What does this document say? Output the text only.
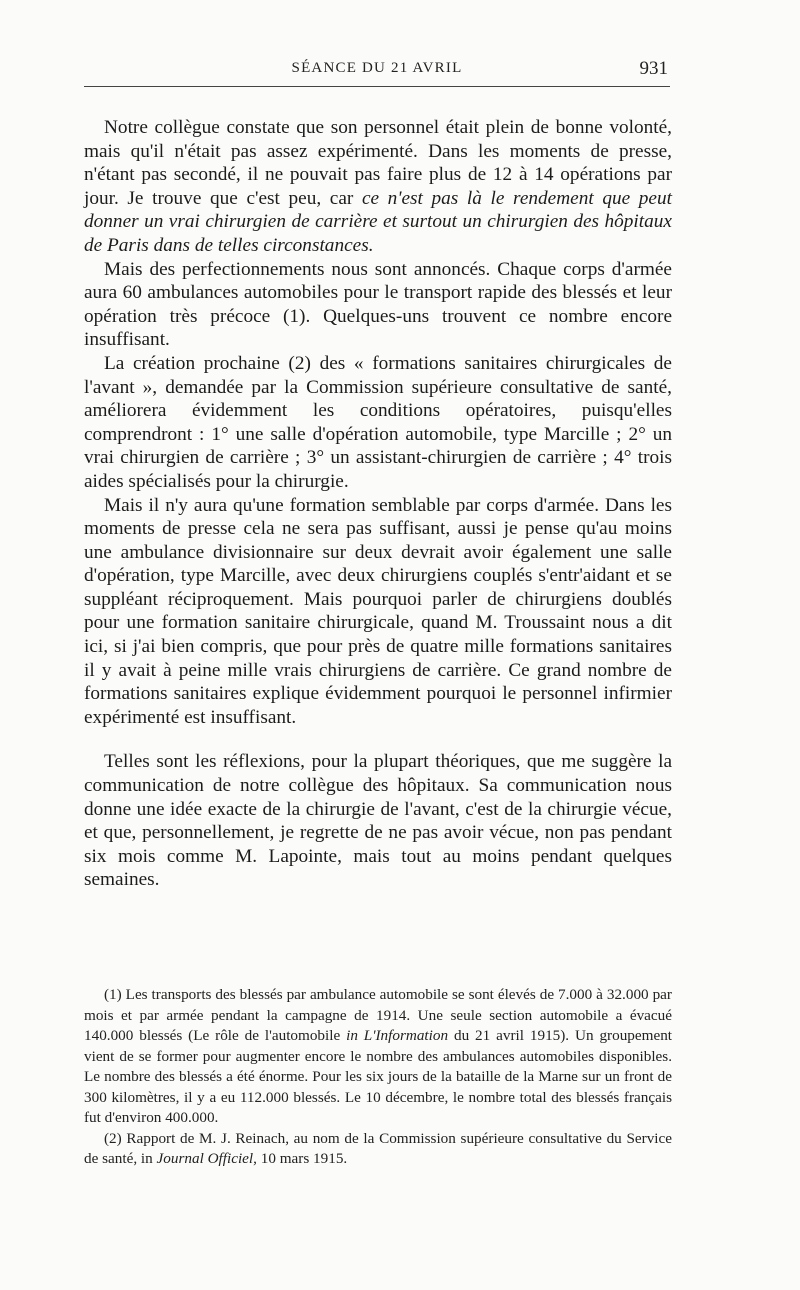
SÉANCE DU 21 AVRIL	931

Notre collègue constate que son personnel était plein de bonne volonté, mais qu'il n'était pas assez expérimenté. Dans les moments de presse, n'étant pas secondé, il ne pouvait pas faire plus de 12 à 14 opérations par jour. Je trouve que c'est peu, car ce n'est pas là le rendement que peut donner un vrai chirurgien de carrière et surtout un chirurgien des hôpitaux de Paris dans de telles circonstances.

Mais des perfectionnements nous sont annoncés. Chaque corps d'armée aura 60 ambulances automobiles pour le transport rapide des blessés et leur opération très précoce (1). Quelques-uns trouvent ce nombre encore insuffisant.

La création prochaine (2) des « formations sanitaires chirurgicales de l'avant », demandée par la Commission supérieure consultative de santé, améliorera évidemment les conditions opératoires, puisqu'elles comprendront : 1° une salle d'opération automobile, type Marcille ; 2° un vrai chirurgien de carrière ; 3° un assistant-chirurgien de carrière ; 4° trois aides spécialisés pour la chirurgie.

Mais il n'y aura qu'une formation semblable par corps d'armée. Dans les moments de presse cela ne sera pas suffisant, aussi je pense qu'au moins une ambulance divisionnaire sur deux devrait avoir également une salle d'opération, type Marcille, avec deux chirurgiens couplés s'entr'aidant et se suppléant réciproquement. Mais pourquoi parler de chirurgiens doublés pour une formation sanitaire chirurgicale, quand M. Troussaint nous a dit ici, si j'ai bien compris, que pour près de quatre mille formations sanitaires il y avait à peine mille vrais chirurgiens de carrière. Ce grand nombre de formations sanitaires explique évidemment pourquoi le personnel infirmier expérimenté est insuffisant.

Telles sont les réflexions, pour la plupart théoriques, que me suggère la communication de notre collègue des hôpitaux. Sa communication nous donne une idée exacte de la chirurgie de l'avant, c'est de la chirurgie vécue, et que, personnellement, je regrette de ne pas avoir vécue, non pas pendant six mois comme M. Lapointe, mais tout au moins pendant quelques semaines.

(1) Les transports des blessés par ambulance automobile se sont élevés de 7.000 à 32.000 par mois et par armée pendant la campagne de 1914. Une seule section automobile a évacué 140.000 blessés (Le rôle de l'automobile in L'Information du 21 avril 1915). Un groupement vient de se former pour augmenter encore le nombre des ambulances automobiles disponibles. Le nombre des blessés a été énorme. Pour les six jours de la bataille de la Marne sur un front de 300 kilomètres, il y a eu 112.000 blessés. Le 10 décembre, le nombre total des blessés français fut d'environ 400.000.

(2) Rapport de M. J. Reinach, au nom de la Commission supérieure consultative du Service de santé, in Journal Officiel, 10 mars 1915.
